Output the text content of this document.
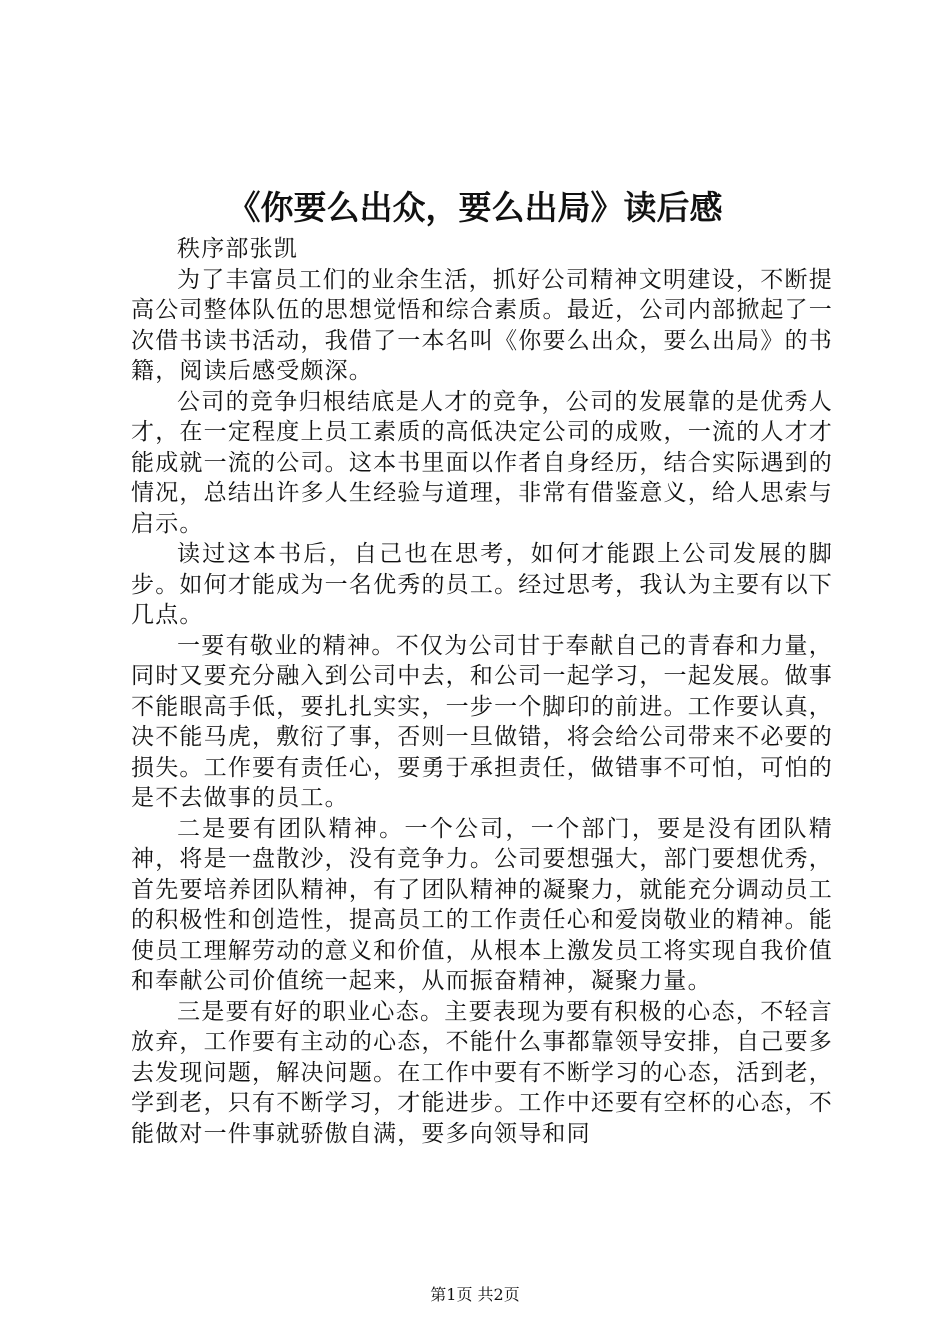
《你要么出众，要么出局》读后感

秩序部张凯

为了丰富员工们的业余生活，抓好公司精神文明建设，不断提高公司整体队伍的思想觉悟和综合素质。最近，公司内部掀起了一次借书读书活动，我借了一本名叫《你要么出众，要么出局》的书籍，阅读后感受颇深。

公司的竞争归根结底是人才的竞争，公司的发展靠的是优秀人才，在一定程度上员工素质的高低决定公司的成败，一流的人才才能成就一流的公司。这本书里面以作者自身经历，结合实际遇到的情况，总结出许多人生经验与道理，非常有借鉴意义，给人思索与启示。

读过这本书后，自己也在思考，如何才能跟上公司发展的脚步。如何才能成为一名优秀的员工。经过思考，我认为主要有以下几点。

一要有敬业的精神。不仅为公司甘于奉献自己的青春和力量，同时又要充分融入到公司中去，和公司一起学习，一起发展。做事不能眼高手低，要扎扎实实，一步一个脚印的前进。工作要认真，决不能马虎，敷衍了事，否则一旦做错，将会给公司带来不必要的损失。工作要有责任心，要勇于承担责任，做错事不可怕，可怕的是不去做事的员工。

二是要有团队精神。一个公司，一个部门，要是没有团队精神，将是一盘散沙，没有竞争力。公司要想强大，部门要想优秀，首先要培养团队精神，有了团队精神的凝聚力，就能充分调动员工的积极性和创造性，提高员工的工作责任心和爱岗敬业的精神。能使员工理解劳动的意义和价值，从根本上激发员工将实现自我价值和奉献公司价值统一起来，从而振奋精神，凝聚力量。

三是要有好的职业心态。主要表现为要有积极的心态，不轻言放弃，工作要有主动的心态，不能什么事都靠领导安排，自己要多去发现问题，解决问题。在工作中要有不断学习的心态，活到老，学到老，只有不断学习，才能进步。工作中还要有空杯的心态，不能做对一件事就骄傲自满，要多向领导和同

第1页 共2页
